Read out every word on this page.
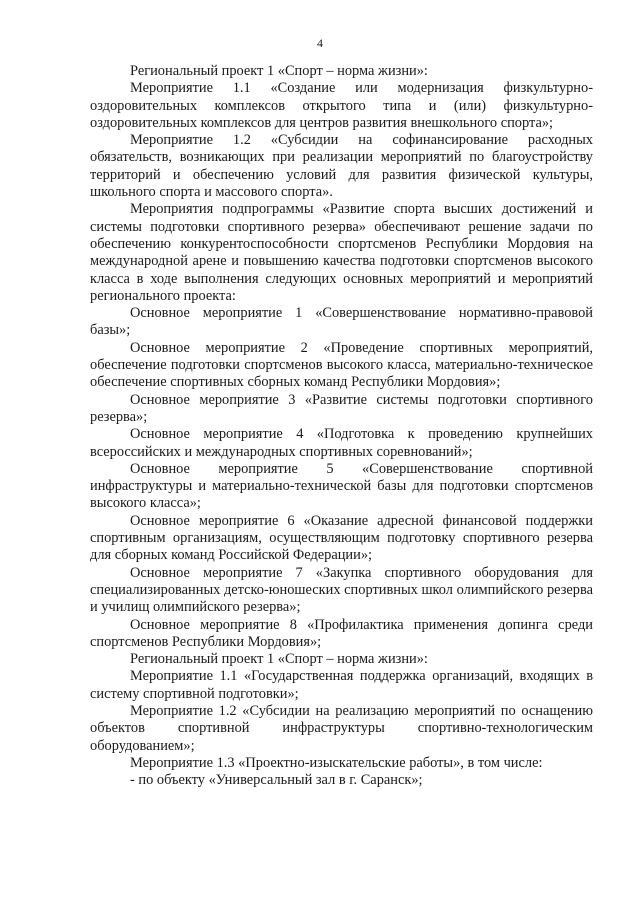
4

Региональный проект 1 «Спорт – норма жизни»:

Мероприятие 1.1 «Создание или модернизация физкультурно-оздоровительных комплексов открытого типа и (или) физкультурно-оздоровительных комплексов для центров развития внешкольного спорта»;

Мероприятие 1.2 «Субсидии на софинансирование расходных обязательств, возникающих при реализации мероприятий по благоустройству территорий и обеспечению условий для развития физической культуры, школьного спорта и массового спорта».

Мероприятия подпрограммы «Развитие спорта высших достижений и системы подготовки спортивного резерва» обеспечивают решение задачи по обеспечению конкурентоспособности спортсменов Республики Мордовия на международной арене и повышению качества подготовки спортсменов высокого класса в ходе выполнения следующих основных мероприятий и мероприятий регионального проекта:

Основное мероприятие 1 «Совершенствование нормативно-правовой базы»;

Основное мероприятие 2 «Проведение спортивных мероприятий, обеспечение подготовки спортсменов высокого класса, материально-техническое обеспечение спортивных сборных команд Республики Мордовия»;

Основное мероприятие 3 «Развитие системы подготовки спортивного резерва»;

Основное мероприятие 4 «Подготовка к проведению крупнейших всероссийских и международных спортивных соревнований»;

Основное мероприятие 5 «Совершенствование спортивной инфраструктуры и материально-технической базы для подготовки спортсменов высокого класса»;

Основное мероприятие 6 «Оказание адресной финансовой поддержки спортивным организациям, осуществляющим подготовку спортивного резерва для сборных команд Российской Федерации»;

Основное мероприятие 7 «Закупка спортивного оборудования для специализированных детско-юношеских спортивных школ олимпийского резерва и училищ олимпийского резерва»;

Основное мероприятие 8 «Профилактика применения допинга среди спортсменов Республики Мордовия»;

Региональный проект 1 «Спорт – норма жизни»:

Мероприятие 1.1 «Государственная поддержка организаций, входящих в систему спортивной подготовки»;

Мероприятие 1.2 «Субсидии на реализацию мероприятий по оснащению объектов спортивной инфраструктуры спортивно-технологическим оборудованием»;

Мероприятие 1.3 «Проектно-изыскательские работы», в том числе:

- по объекту «Универсальный зал в г. Саранск»;
